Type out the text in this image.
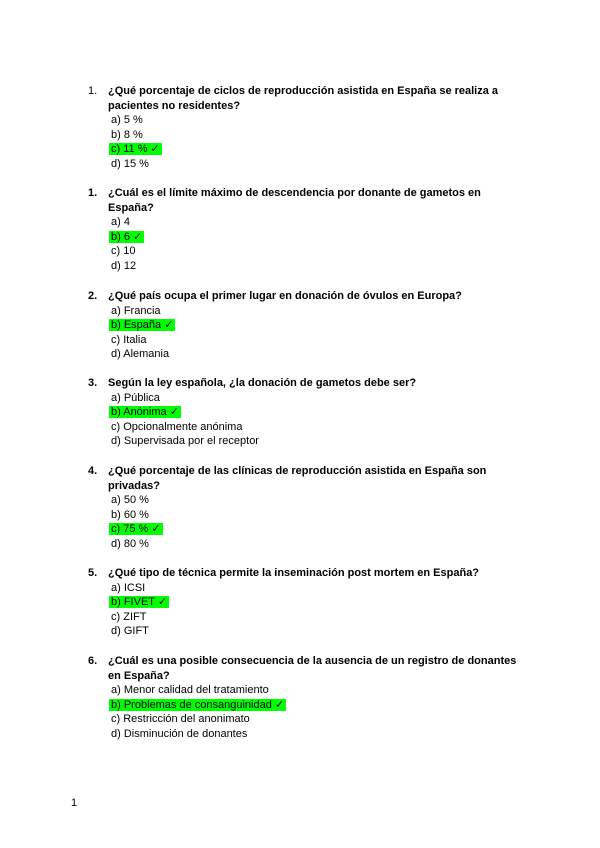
1
1. ¿Qué porcentaje de ciclos de reproducción asistida en España se realiza a pacientes no residentes?
a) 5 %
b) 8 %
c) 11 % ✓
d) 15 %
1. ¿Cuál es el límite máximo de descendencia por donante de gametos en España?
a) 4
b) 6 ✓
c) 10
d) 12
2. ¿Qué país ocupa el primer lugar en donación de óvulos en Europa?
a) Francia
b) España ✓
c) Italia
d) Alemania
3. Según la ley española, ¿la donación de gametos debe ser?
a) Pública
b) Anónima ✓
c) Opcionalmente anónima
d) Supervisada por el receptor
4. ¿Qué porcentaje de las clínicas de reproducción asistida en España son privadas?
a) 50 %
b) 60 %
c) 75 % ✓
d) 80 %
5. ¿Qué tipo de técnica permite la inseminación post mortem en España?
a) ICSI
b) FIVET ✓
c) ZIFT
d) GIFT
6. ¿Cuál es una posible consecuencia de la ausencia de un registro de donantes en España?
a) Menor calidad del tratamiento
b) Problemas de consanguinidad ✓
c) Restricción del anonimato
d) Disminución de donantes
